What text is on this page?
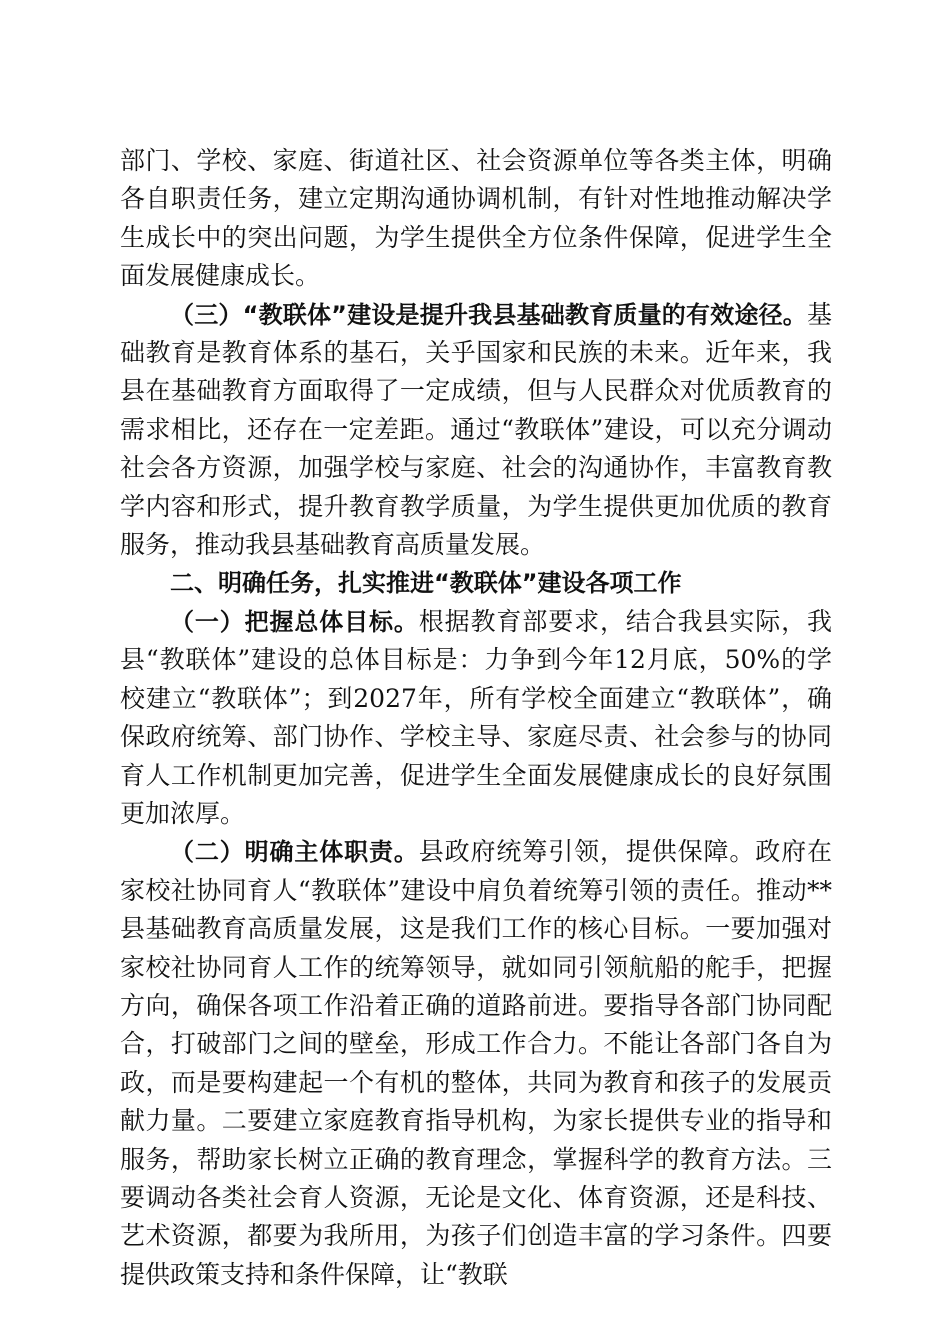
部门、学校、家庭、街道社区、社会资源单位等各类主体，明确各自职责任务，建立定期沟通协调机制，有针对性地推动解决学生成长中的突出问题，为学生提供全方位条件保障，促进学生全面发展健康成长。

（三）“教联体”建设是提升我县基础教育质量的有效途径。基础教育是教育体系的基石，关乎国家和民族的未来。近年来，我县在基础教育方面取得了一定成绩，但与人民群众对优质教育的需求相比，还存在一定差距。通过“教联体”建设，可以充分调动社会各方资源，加强学校与家庭、社会的沟通协作，丰富教育教学内容和形式，提升教育教学质量，为学生提供更加优质的教育服务，推动我县基础教育高质量发展。

二、明确任务，扎实推进“教联体”建设各项工作

（一）把握总体目标。根据教育部要求，结合我县实际，我县“教联体”建设的总体目标是：力争到今年12月底，50%的学校建立“教联体”；到2027年，所有学校全面建立“教联体”，确保政府统筹、部门协作、学校主导、家庭尽责、社会参与的协同育人工作机制更加完善，促进学生全面发展健康成长的良好氛围更加浓厚。

（二）明确主体职责。县政府统筹引领，提供保障。政府在家校社协同育人“教联体”建设中肩负着统筹引领的责任。推动**县基础教育高质量发展，这是我们工作的核心目标。一要加强对家校社协同育人工作的统筹领导，就如同引领航船的舵手，把握方向，确保各项工作沿着正确的道路前进。要指导各部门协同配合，打破部门之间的壁垒，形成工作合力。不能让各部门各自为政，而是要构建起一个有机的整体，共同为教育和孩子的发展贡献力量。二要建立家庭教育指导机构，为家长提供专业的指导和服务，帮助家长树立正确的教育理念，掌握科学的教育方法。三要调动各类社会育人资源，无论是文化、体育资源，还是科技、艺术资源，都要为我所用，为孩子们创造丰富的学习条件。四要提供政策支持和条件保障，让“教联
